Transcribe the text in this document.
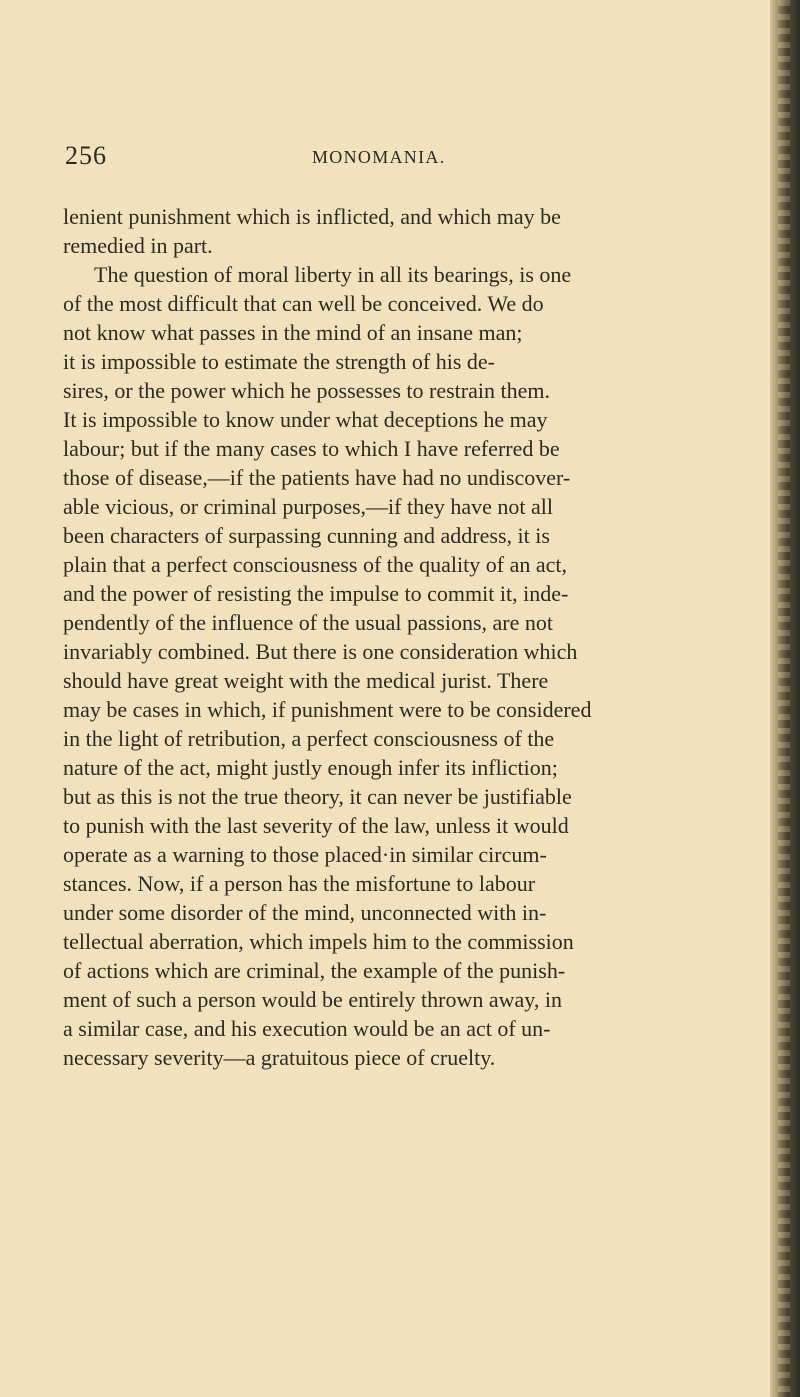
256	MONOMANIA.
lenient punishment which is inflicted, and which may be
remedied in part.
The question of moral liberty in all its bearings, is one
of the most difficult that can well be conceived. We do
not know what passes in the mind of an insane man;
it is impossible to estimate the strength of his de-
sires, or the power which he possesses to restrain them.
It is impossible to know under what deceptions he may
labour; but if the many cases to which I have referred be
those of disease,—if the patients have had no undiscover-
able vicious, or criminal purposes,—if they have not all
been characters of surpassing cunning and address, it is
plain that a perfect consciousness of the quality of an act,
and the power of resisting the impulse to commit it, inde-
pendently of the influence of the usual passions, are not
invariably combined. But there is one consideration which
should have great weight with the medical jurist. There
may be cases in which, if punishment were to be considered
in the light of retribution, a perfect consciousness of the
nature of the act, might justly enough infer its infliction;
but as this is not the true theory, it can never be justifiable
to punish with the last severity of the law, unless it would
operate as a warning to those placed·in similar circum-
stances. Now, if a person has the misfortune to labour
under some disorder of the mind, unconnected with in-
tellectual aberration, which impels him to the commission
of actions which are criminal, the example of the punish-
ment of such a person would be entirely thrown away, in
a similar case, and his execution would be an act of un-
necessary severity—a gratuitous piece of cruelty.
